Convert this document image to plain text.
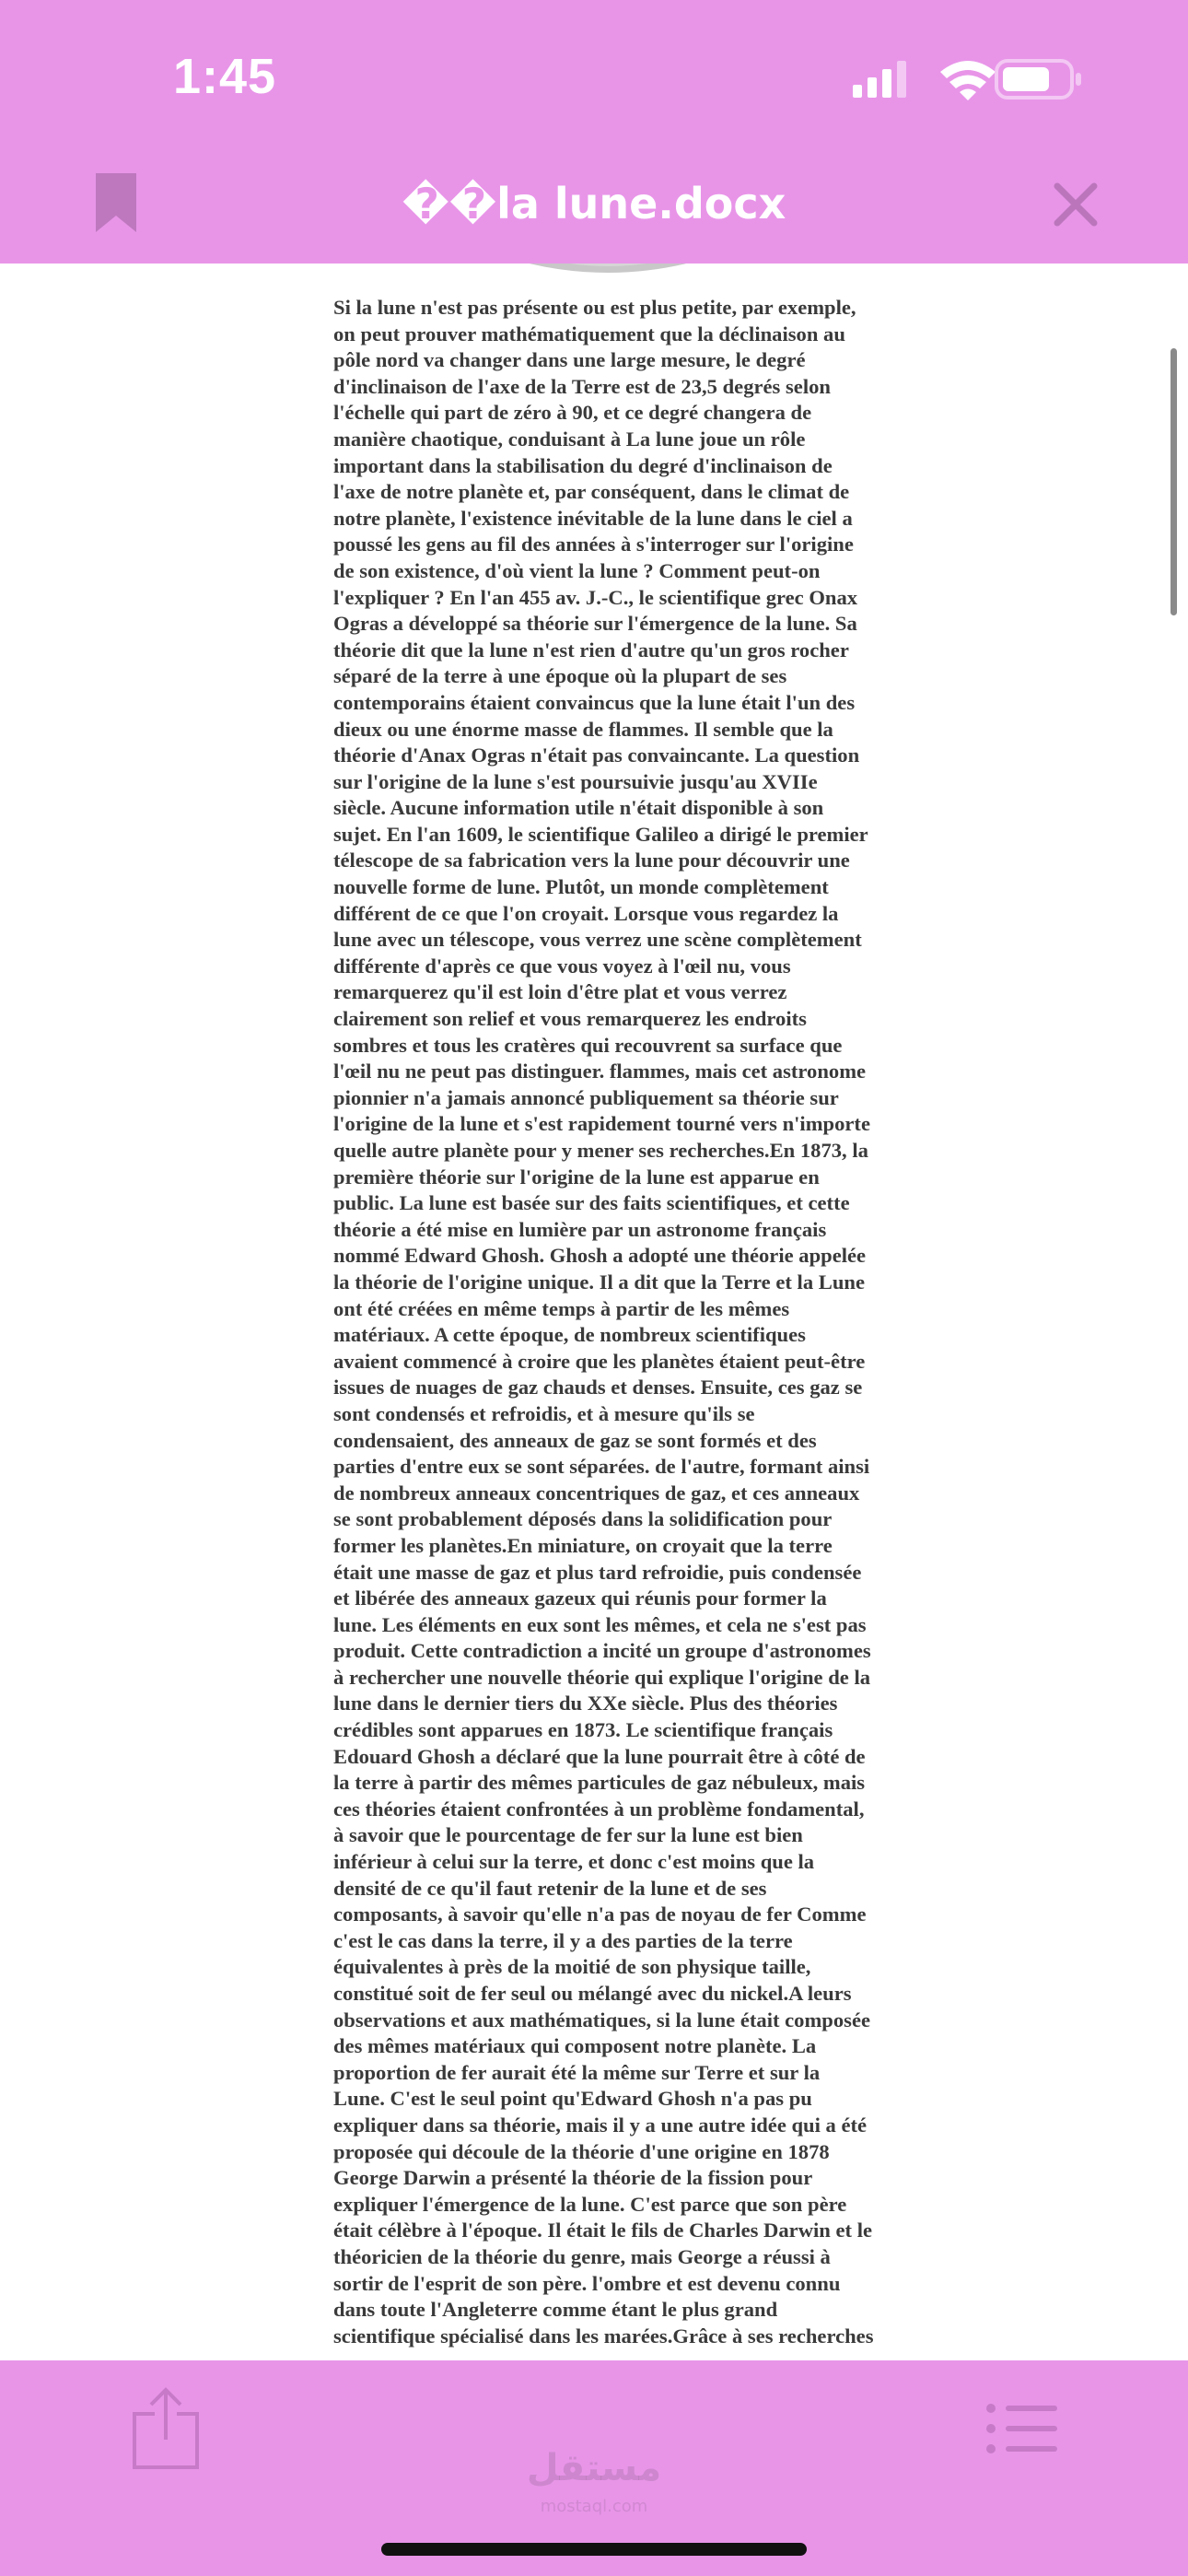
1:45
��la lune.docx
Si la lune n'est pas présente ou est plus petite, par exemple,
on peut prouver mathématiquement que la déclinaison au
pôle nord va changer dans une large mesure, le degré
d'inclinaison de l'axe de la Terre est de 23,5 degrés selon
l'échelle qui part de zéro à 90, et ce degré changera de
manière chaotique, conduisant à La lune joue un rôle
important dans la stabilisation du degré d'inclinaison de
l'axe de notre planète et, par conséquent, dans le climat de
notre planète, l'existence inévitable de la lune dans le ciel a
poussé les gens au fil des années à s'interroger sur l'origine
de son existence, d'où vient la lune ? Comment peut-on
l'expliquer ? En l'an 455 av. J.-C., le scientifique grec Onax
Ogras a développé sa théorie sur l'émergence de la lune. Sa
théorie dit que la lune n'est rien d'autre qu'un gros rocher
séparé de la terre à une époque où la plupart de ses
contemporains étaient convaincus que la lune était l'un des
dieux ou une énorme masse de flammes. Il semble que la
théorie d'Anax Ogras n'était pas convaincante. La question
sur l'origine de la lune s'est poursuivie jusqu'au XVIIe
siècle. Aucune information utile n'était disponible à son
sujet. En l'an 1609, le scientifique Galileo a dirigé le premier
télescope de sa fabrication vers la lune pour découvrir une
nouvelle forme de lune. Plutôt, un monde complètement
différent de ce que l'on croyait. Lorsque vous regardez la
lune avec un télescope, vous verrez une scène complètement
différente d'après ce que vous voyez à l'œil nu, vous
remarquerez qu'il est loin d'être plat et vous verrez
clairement son relief et vous remarquerez les endroits
sombres et tous les cratères qui recouvrent sa surface que
l'œil nu ne peut pas distinguer. flammes, mais cet astronome
pionnier n'a jamais annoncé publiquement sa théorie sur
l'origine de la lune et s'est rapidement tourné vers n'importe
quelle autre planète pour y mener ses recherches.En 1873, la
première théorie sur l'origine de la lune est apparue en
public. La lune est basée sur des faits scientifiques, et cette
théorie a été mise en lumière par un astronome français
nommé Edward Ghosh. Ghosh a adopté une théorie appelée
la théorie de l'origine unique. Il a dit que la Terre et la Lune
ont été créées en même temps à partir de les mêmes
matériaux. A cette époque, de nombreux scientifiques
avaient commencé à croire que les planètes étaient peut-être
issues de nuages de gaz chauds et denses. Ensuite, ces gaz se
sont condensés et refroidis, et à mesure qu'ils se
condensaient, des anneaux de gaz se sont formés et des
parties d'entre eux se sont séparées. de l'autre, formant ainsi
de nombreux anneaux concentriques de gaz, et ces anneaux
se sont probablement déposés dans la solidification pour
former les planètes.En miniature, on croyait que la terre
était une masse de gaz et plus tard refroidie, puis condensée
et libérée des anneaux gazeux qui réunis pour former la
lune. Les éléments en eux sont les mêmes, et cela ne s'est pas
produit. Cette contradiction a incité un groupe d'astronomes
à rechercher une nouvelle théorie qui explique l'origine de la
lune dans le dernier tiers du XXe siècle. Plus des théories
crédibles sont apparues en 1873. Le scientifique français
Edouard Ghosh a déclaré que la lune pourrait être à côté de
la terre à partir des mêmes particules de gaz nébuleux, mais
ces théories étaient confrontées à un problème fondamental,
à savoir que le pourcentage de fer sur la lune est bien
inférieur à celui sur la terre, et donc c'est moins que la
densité de ce qu'il faut retenir de la lune et de ses
composants, à savoir qu'elle n'a pas de noyau de fer Comme
c'est le cas dans la terre, il y a des parties de la terre
équivalentes à près de la moitié de son physique taille,
constitué soit de fer seul ou mélangé avec du nickel.A leurs
observations et aux mathématiques, si la lune était composée
des mêmes matériaux qui composent notre planète. La
proportion de fer aurait été la même sur Terre et sur la
Lune. C'est le seul point qu'Edward Ghosh n'a pas pu
expliquer dans sa théorie, mais il y a une autre idée qui a été
proposée qui découle de la théorie d'une origine en 1878
George Darwin a présenté la théorie de la fission pour
expliquer l'émergence de la lune. C'est parce que son père
était célèbre à l'époque. Il était le fils de Charles Darwin et le
théoricien de la théorie du genre, mais George a réussi à
sortir de l'esprit de son père. l'ombre et est devenu connu
dans toute l'Angleterre comme étant le plus grand
scientifique spécialisé dans les marées.Grâce à ses recherches
مستقل
mostaql.com
